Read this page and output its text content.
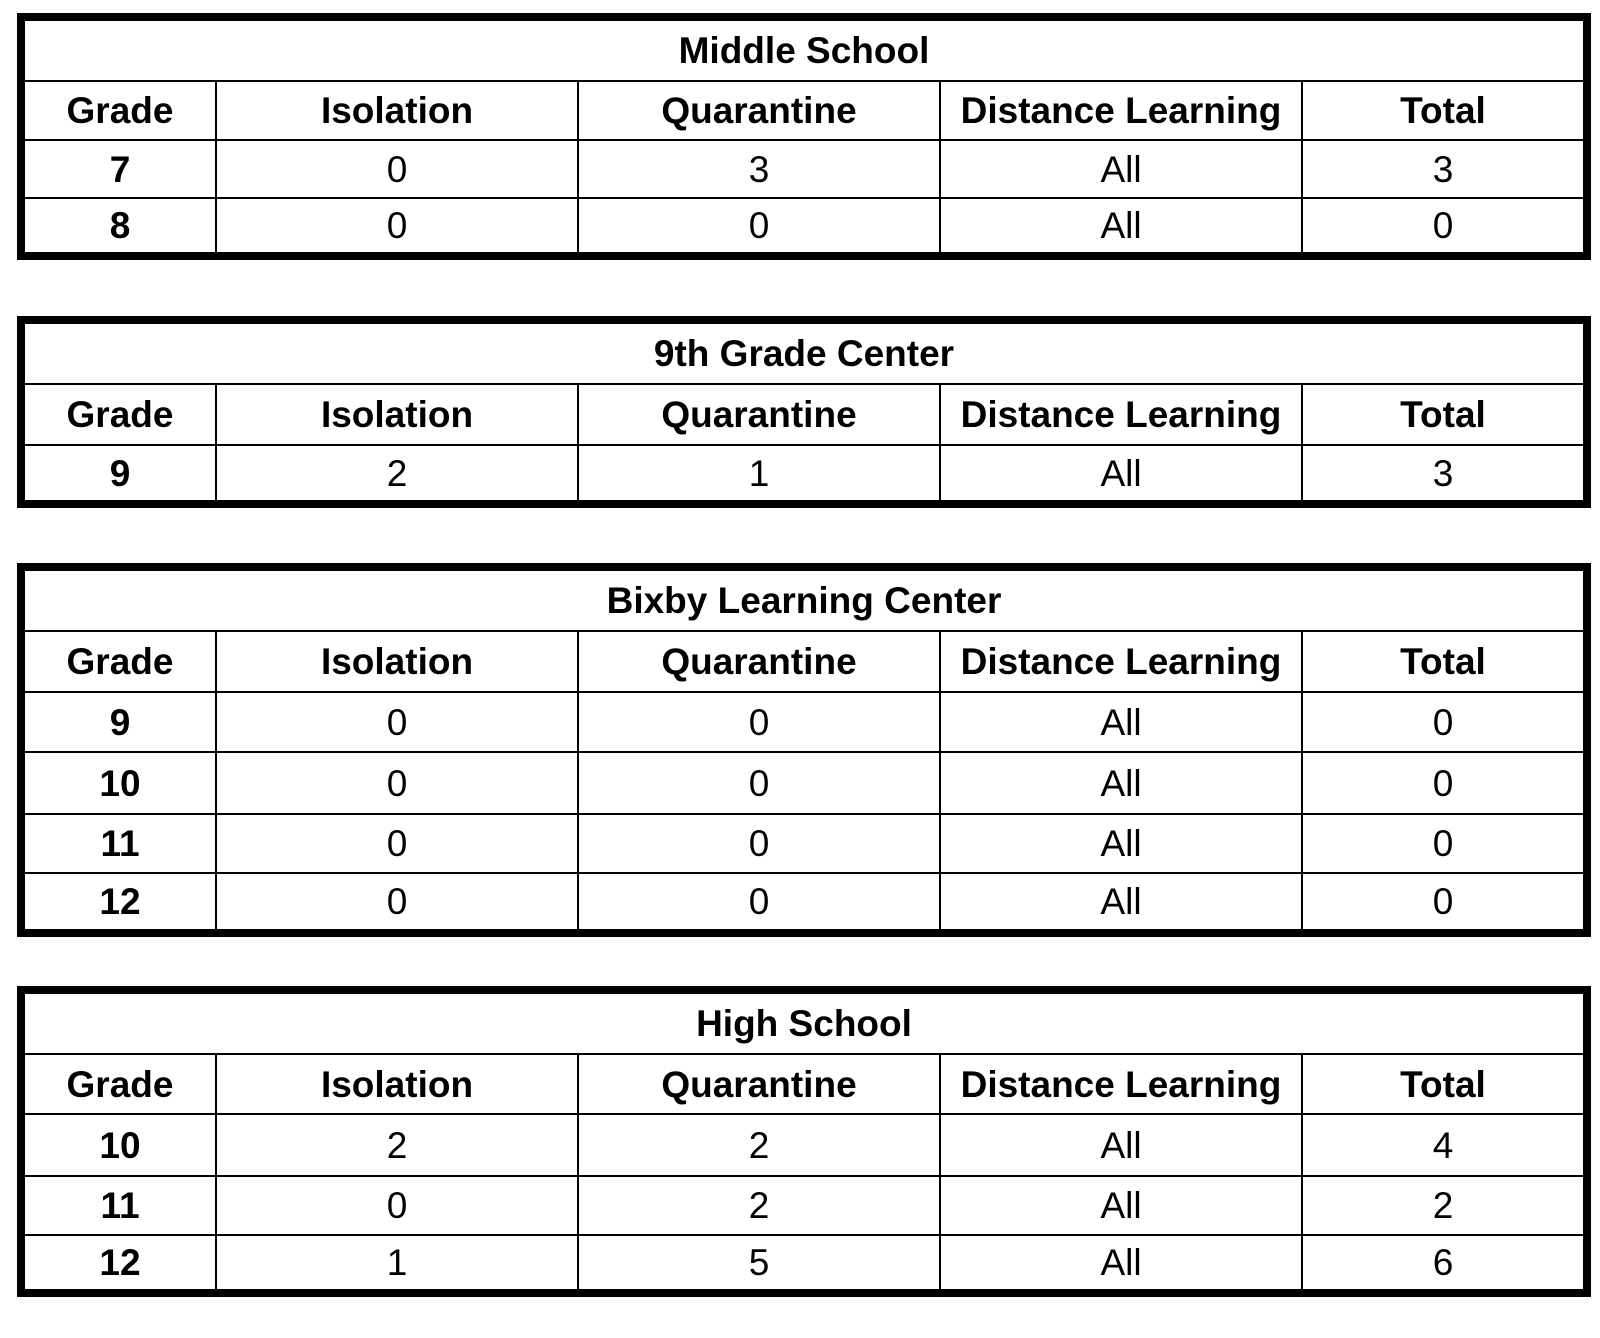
Middle School				
Grade	Isolation	Quarantine	Distance Learning	Total
7	0	3	All	3
8	0	0	All	0
9th Grade Center				
Grade	Isolation	Quarantine	Distance Learning	Total
9	2	1	All	3
Bixby Learning Center				
Grade	Isolation	Quarantine	Distance Learning	Total
9	0	0	All	0
10	0	0	All	0
11	0	0	All	0
12	0	0	All	0
High School				
Grade	Isolation	Quarantine	Distance Learning	Total
10	2	2	All	4
11	0	2	All	2
12	1	5	All	6
